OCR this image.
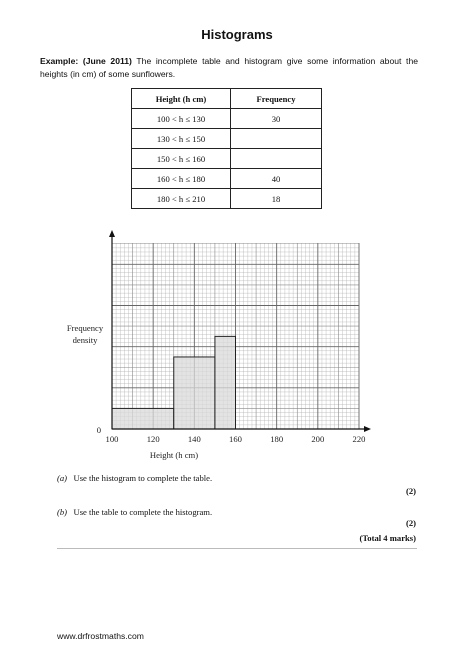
Histograms
Example: (June 2011) The incomplete table and histogram give some information about the heights (in cm) of some sunflowers.
Height (h cm)	Frequency
100 < h ≤ 130	30
130 < h ≤ 150	
150 < h ≤ 160	
160 < h ≤ 180	40
180 < h ≤ 210	18
100	120	140	160	180	200	220
Frequency
density
0
Height (h cm)
(a) Use the histogram to complete the table.
(2)
(b) Use the table to complete the histogram.
(2)
(Total 4 marks)
www.drfrostmaths.com
